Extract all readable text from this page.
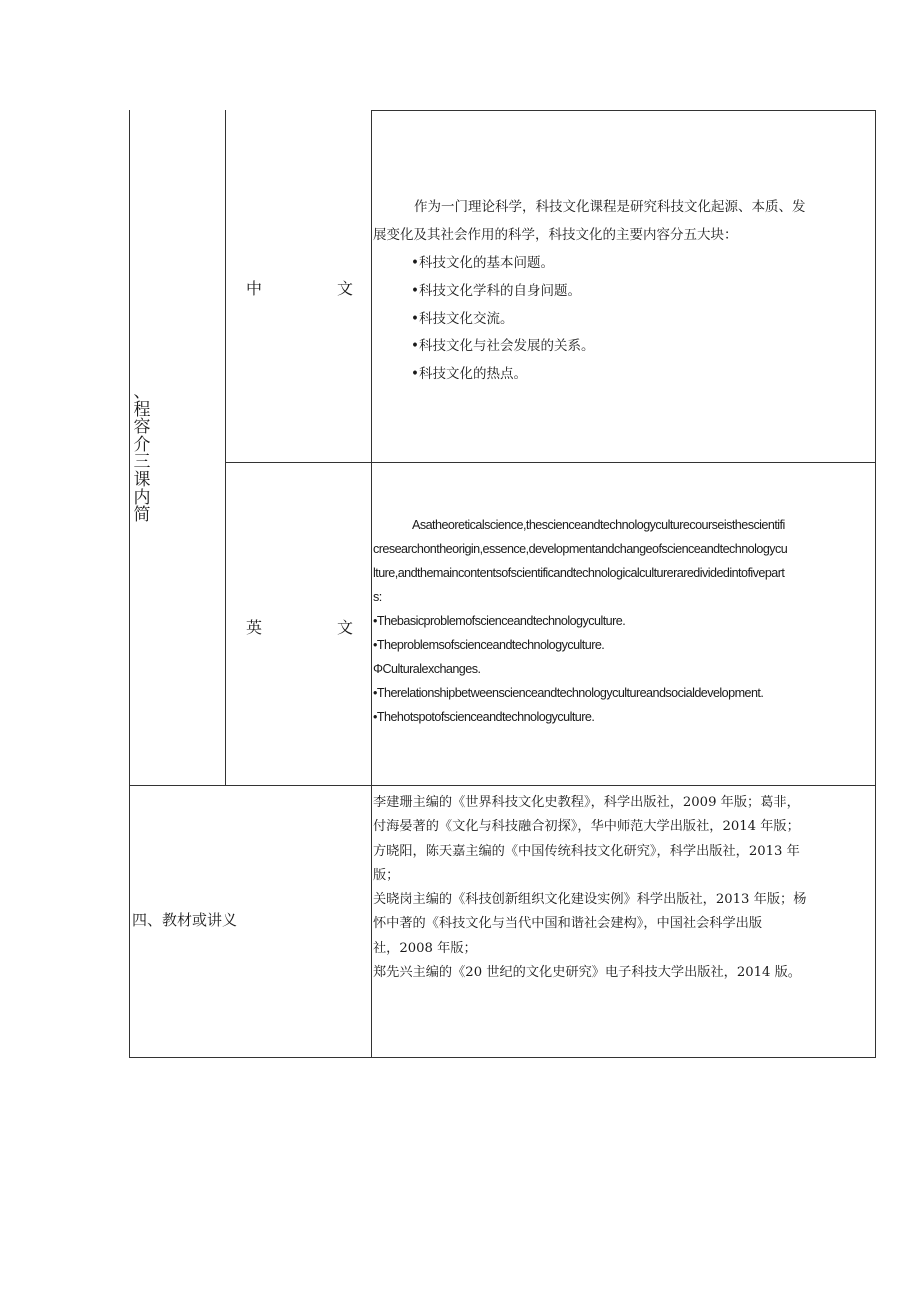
、
程
容
介
三
课
内
简
中	文
作为一门理论科学，科技文化课程是研究科技文化起源、本质、发
展变化及其社会作用的科学，科技文化的主要内容分五大块：
•科技文化的基本问题。
•科技文化学科的自身问题。
•科技文化交流。
•科技文化与社会发展的关系。
•科技文化的热点。
英	文
Asatheoreticalscience,thescienceandtechnologyculturecourseisthescientifi
cresearchontheorigin,essence,developmentandchangeofscienceandtechnologycu
lture,andthemaincontentsofscientificandtechnologicalcultureraredividedintofivepart
s:
•Thebasicproblemofscienceandtechnologyculture.
•Theproblemsofscienceandtechnologyculture.
ΦCulturalexchanges.
•Therelationshipbetweenscienceandtechnologycultureandsocialdevelopment.
•Thehotspotofscienceandtechnologyculture.
四、教材或讲义
李建珊主编的《世界科技文化史教程》，科学出版社，2009 年版；葛非，
付海晏著的《文化与科技融合初探》，华中师范大学出版社，2014 年版；
方晓阳，陈天嘉主编的《中国传统科技文化研究》，科学出版社，2013 年
版；
关晓岗主编的《科技创新组织文化建设实例》科学出版社，2013 年版；杨
怀中著的《科技文化与当代中国和谐社会建构》，中国社会科学出版
社，2008 年版；
郑先兴主编的《20 世纪的文化史研究》电子科技大学出版社，2014 版。
